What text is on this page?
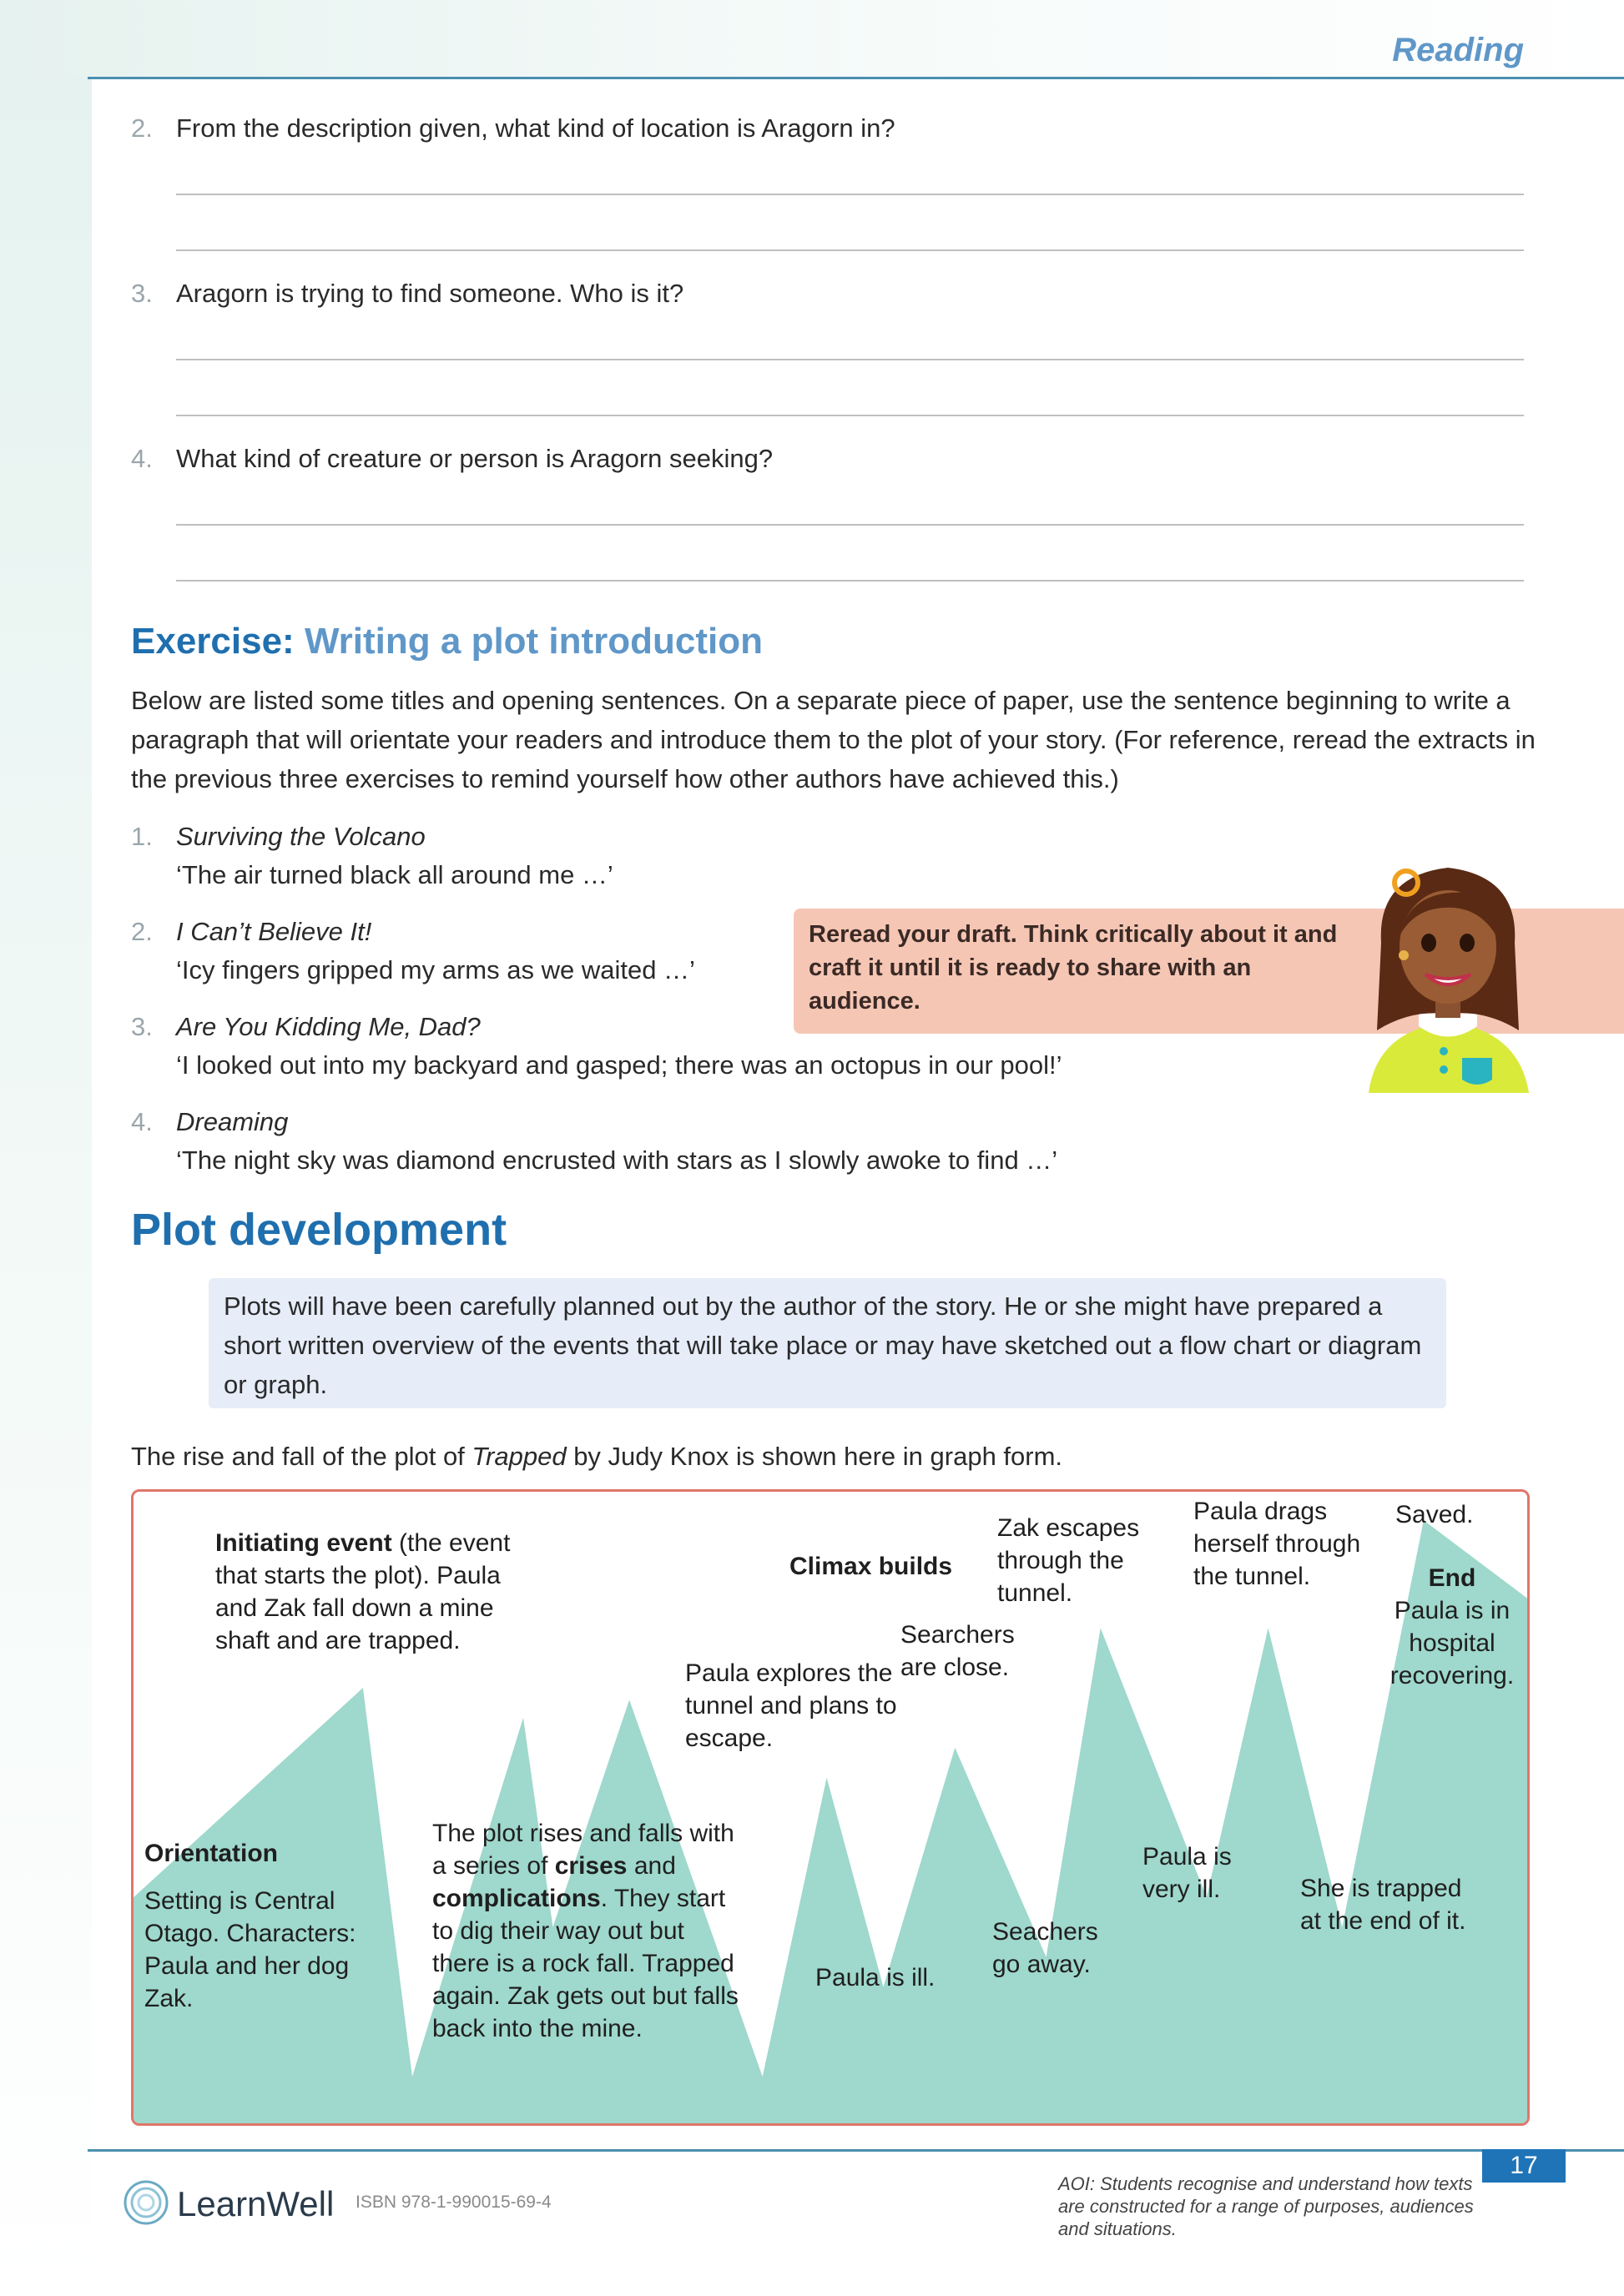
Reading
2. From the description given, what kind of location is Aragorn in?
3. Aragorn is trying to find someone. Who is it?
4. What kind of creature or person is Aragorn seeking?
Exercise: Writing a plot introduction
Below are listed some titles and opening sentences. On a separate piece of paper, use the sentence beginning to write a paragraph that will orientate your readers and introduce them to the plot of your story. (For reference, reread the extracts in the previous three exercises to remind yourself how other authors have achieved this.)
1. Surviving the Volcano
‘The air turned black all around me …’
2. I Can’t Believe It!
‘Icy fingers gripped my arms as we waited …’
3. Are You Kidding Me, Dad?
‘I looked out into my backyard and gasped; there was an octopus in our pool!’
4. Dreaming
‘The night sky was diamond encrusted with stars as I slowly awoke to find …’
Reread your draft. Think critically about it and craft it until it is ready to share with an audience.
Plot development
Plots will have been carefully planned out by the author of the story. He or she might have prepared a short written overview of the events that will take place or may have sketched out a flow chart or diagram or graph.
The rise and fall of the plot of Trapped by Judy Knox is shown here in graph form.
Initiating event (the event that starts the plot). Paula and Zak fall down a mine shaft and are trapped.
Orientation
Setting is Central Otago. Characters: Paula and her dog Zak.
The plot rises and falls with a series of crises and complications. They start to dig their way out but there is a rock fall. Trapped again. Zak gets out but falls back into the mine.
Paula explores the tunnel and plans to escape.
Climax builds
Paula is ill.
Searchers are close.
Seachers go away.
Zak escapes through the tunnel.
Paula is very ill.
Paula drags herself through the tunnel.
She is trapped at the end of it.
Saved.
End
Paula is in hospital recovering.
17
LearnWell ISBN 978-1-990015-69-4
AOI: Students recognise and understand how texts are constructed for a range of purposes, audiences and situations.
